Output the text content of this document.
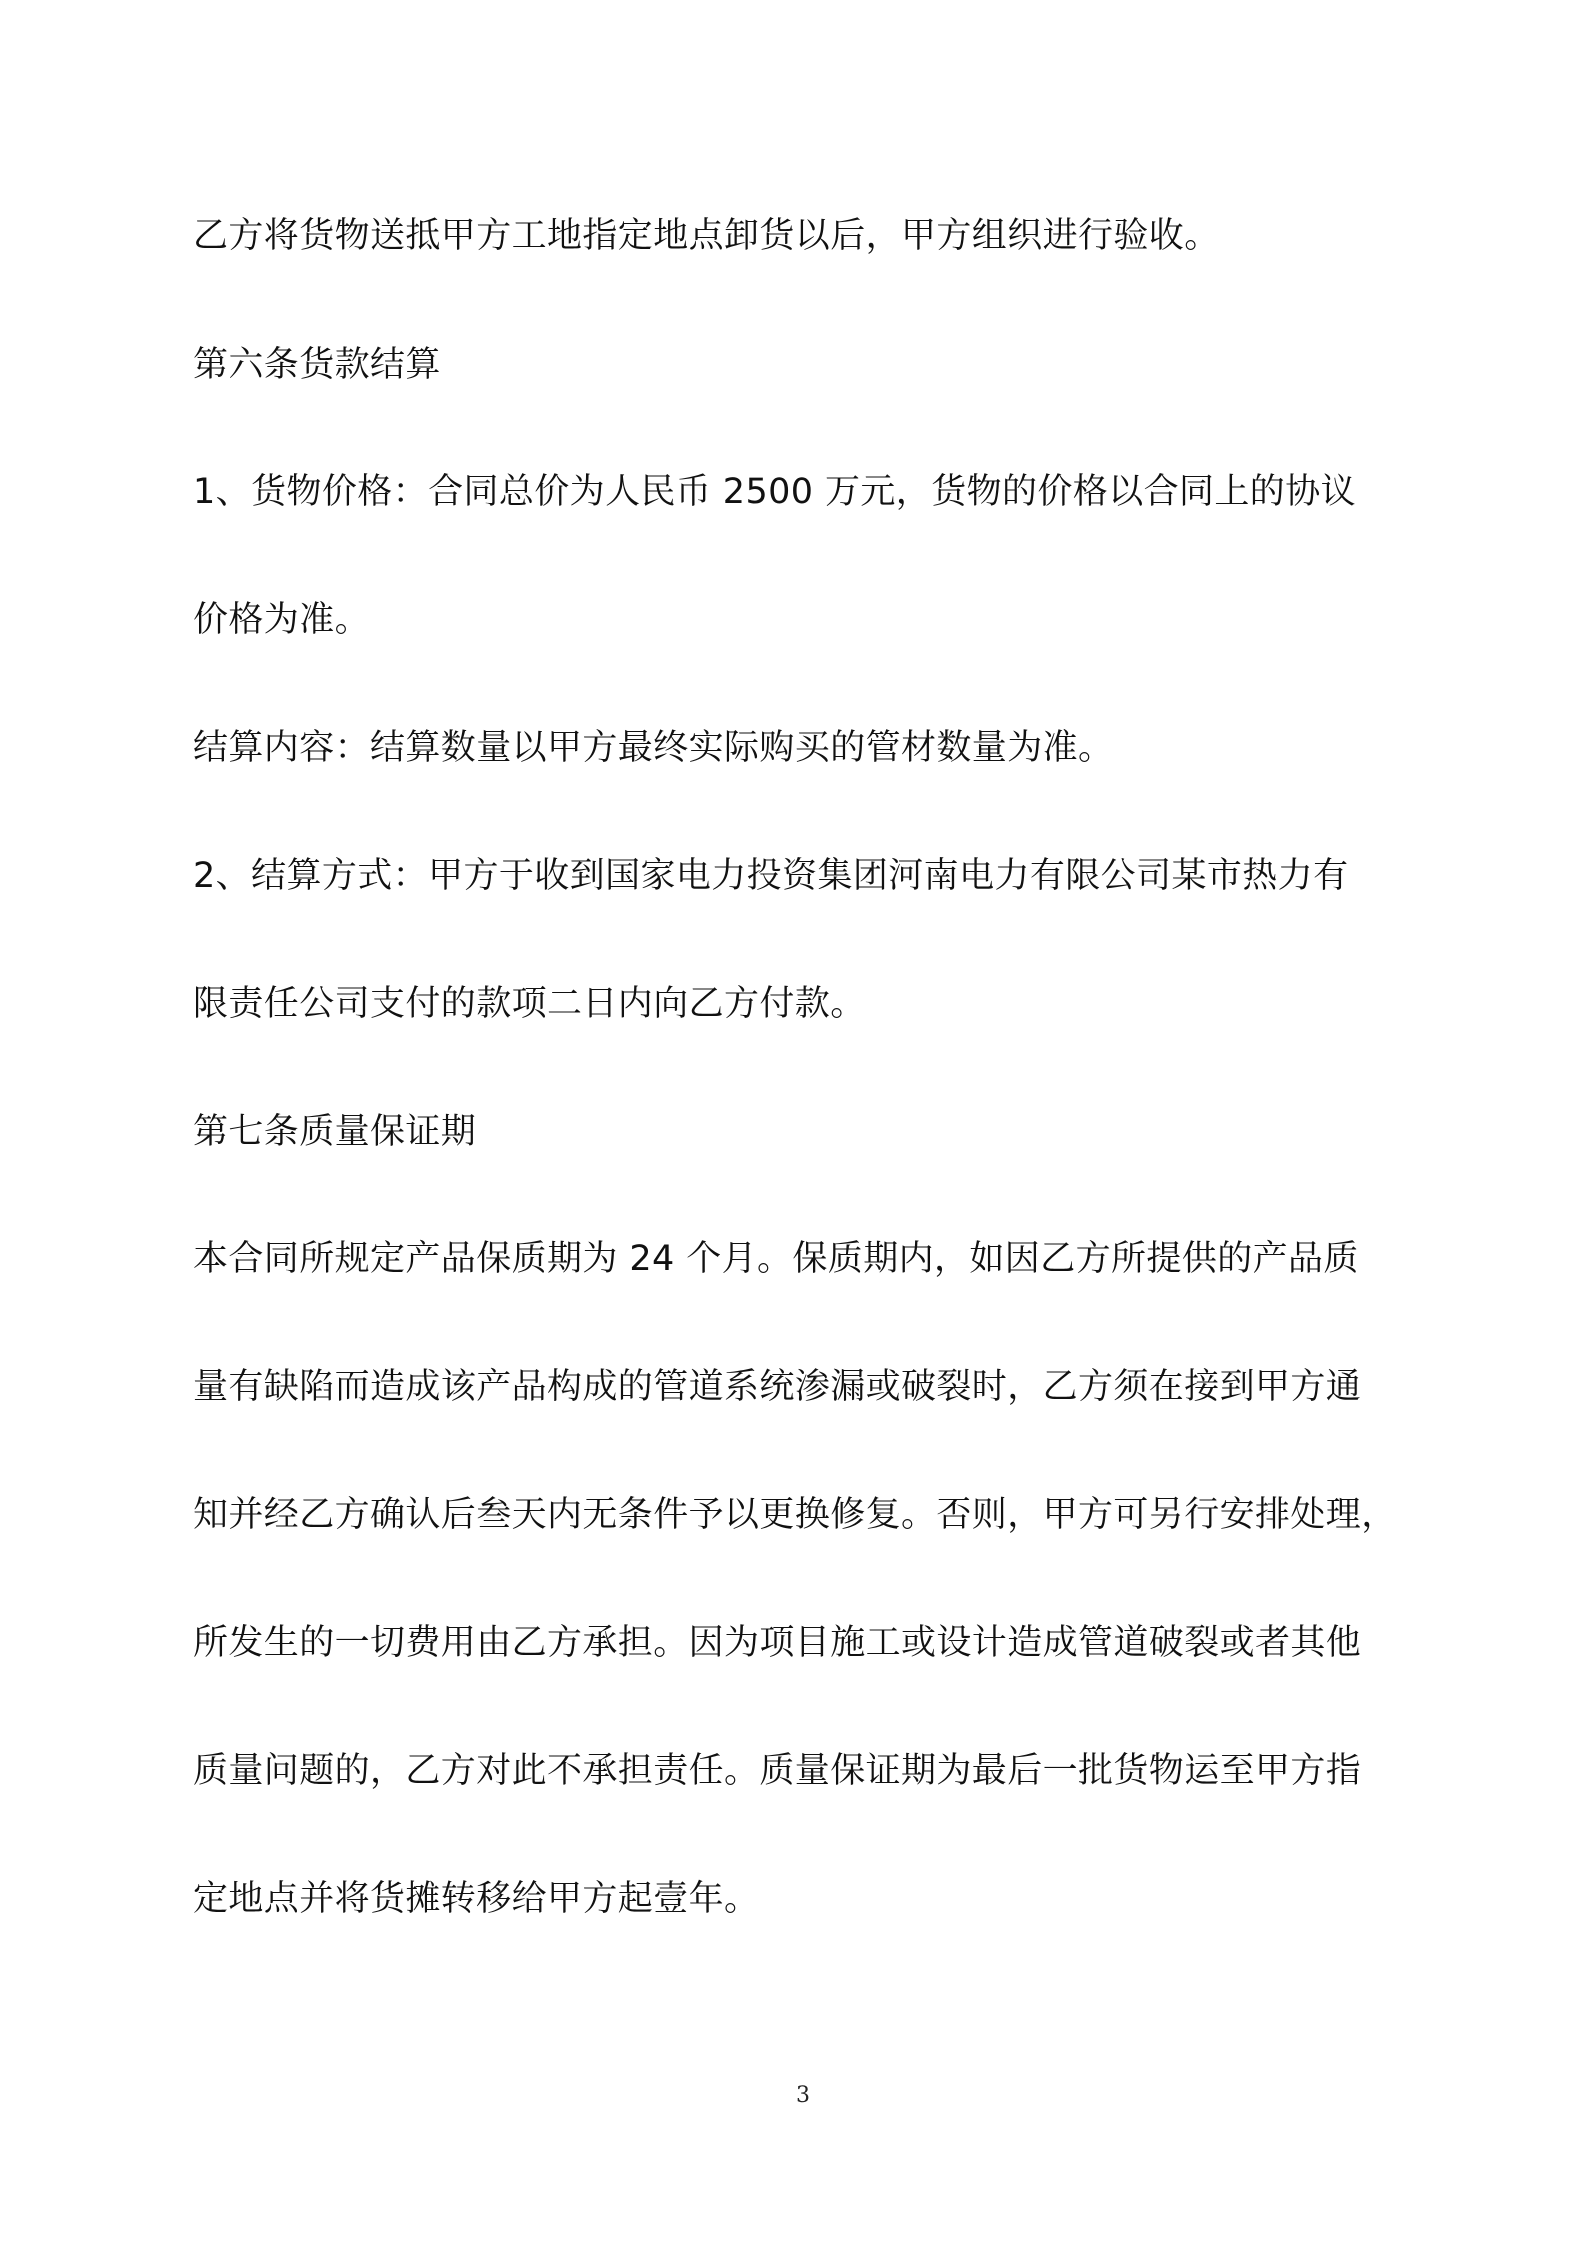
乙方将货物送抵甲方工地指定地点卸货以后，甲方组织进行验收。

第六条货款结算

1、货物价格：合同总价为人民币 2500 万元，货物的价格以合同上的协议

价格为准。

结算内容：结算数量以甲方最终实际购买的管材数量为准。

2、结算方式：甲方于收到国家电力投资集团河南电力有限公司某市热力有

限责任公司支付的款项二日内向乙方付款。

第七条质量保证期

本合同所规定产品保质期为 24 个月。保质期内，如因乙方所提供的产品质

量有缺陷而造成该产品构成的管道系统渗漏或破裂时，乙方须在接到甲方通

知并经乙方确认后叁天内无条件予以更换修复。否则，甲方可另行安排处理，

所发生的一切费用由乙方承担。因为项目施工或设计造成管道破裂或者其他

质量问题的，乙方对此不承担责任。质量保证期为最后一批货物运至甲方指

定地点并将货摊转移给甲方起壹年。

3
